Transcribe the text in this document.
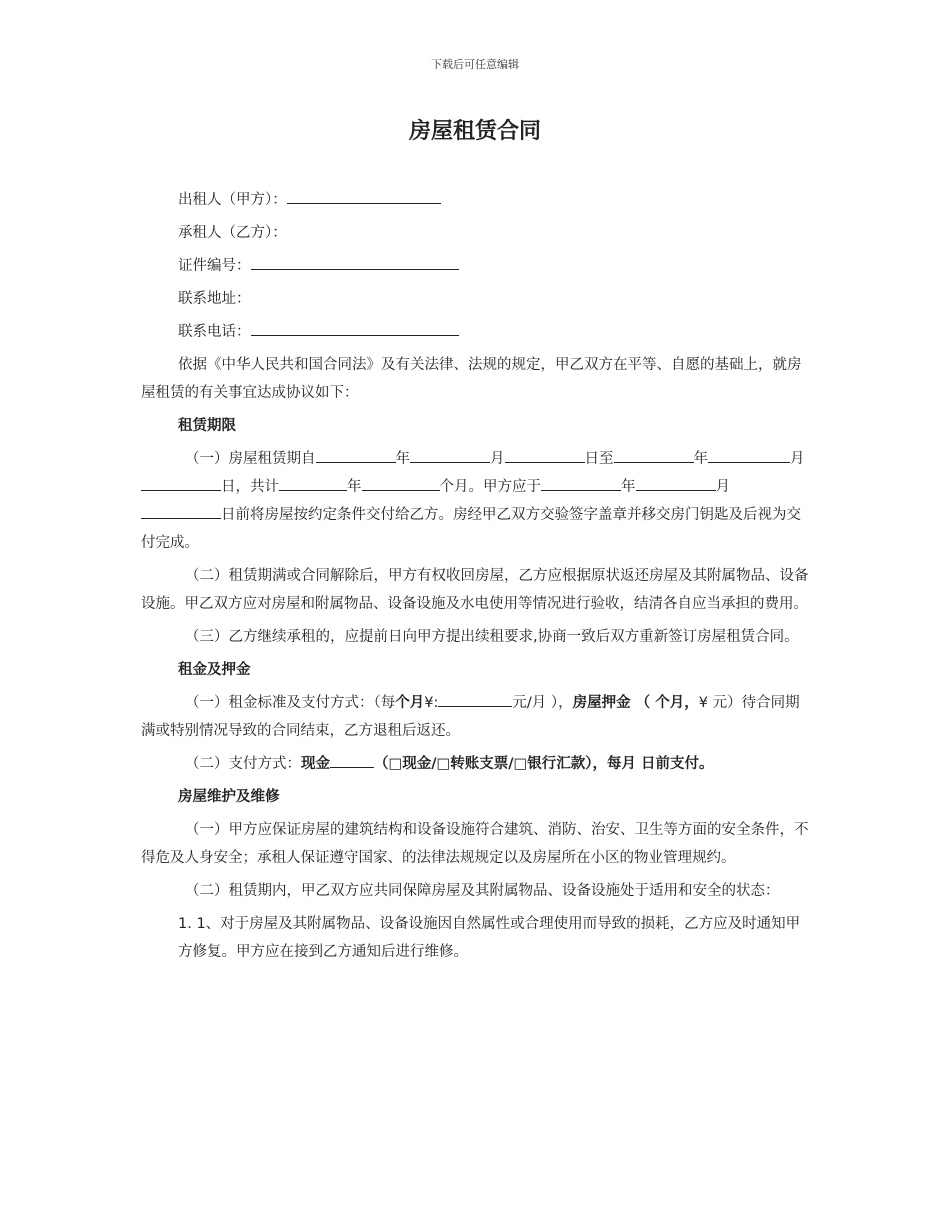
下载后可任意编辑
房屋租赁合同
出租人（甲方）：
承租人（乙方）：
证件编号：
联系地址：
联系电话：
依据《中华人民共和国合同法》及有关法律、法规的规定，甲乙双方在平等、自愿的基础上，就房屋租赁的有关事宜达成协议如下：
租赁期限
（一）房屋租赁期自	年	月	日至	年	月日，共计	年	个月。甲方应于	年	月日前将房屋按约定条件交付给乙方。房经甲乙双方交验签字盖章并移交房门钥匙及后视为交付完成。
（二）租赁期满或合同解除后，甲方有权收回房屋，乙方应根据原状返还房屋及其附属物品、设备设施。甲乙双方应对房屋和附属物品、设备设施及水电使用等情况进行验收，结清各自应当承担的费用。
（三）乙方继续承租的，应提前日向甲方提出续租要求,协商一致后双方重新签订房屋租赁合同。
租金及押金
（一）租金标准及支付方式：（每个月¥:	元/月 ），房屋押金 （ 个月，¥ 元）待合同期满或特别情况导致的合同结束，乙方退租后返还。
（二）支付方式：现金	（□现金/□转账支票/□银行汇款），每月 日前支付。
房屋维护及维修
（一）甲方应保证房屋的建筑结构和设备设施符合建筑、消防、治安、卫生等方面的安全条件，不得危及人身安全；承租人保证遵守国家、的法律法规规定以及房屋所在小区的物业管理规约。
（二）租赁期内，甲乙双方应共同保障房屋及其附属物品、设备设施处于适用和安全的状态：
1. 1、对于房屋及其附属物品、设备设施因自然属性或合理使用而导致的损耗，乙方应及时通知甲方修复。甲方应在接到乙方通知后进行维修。
